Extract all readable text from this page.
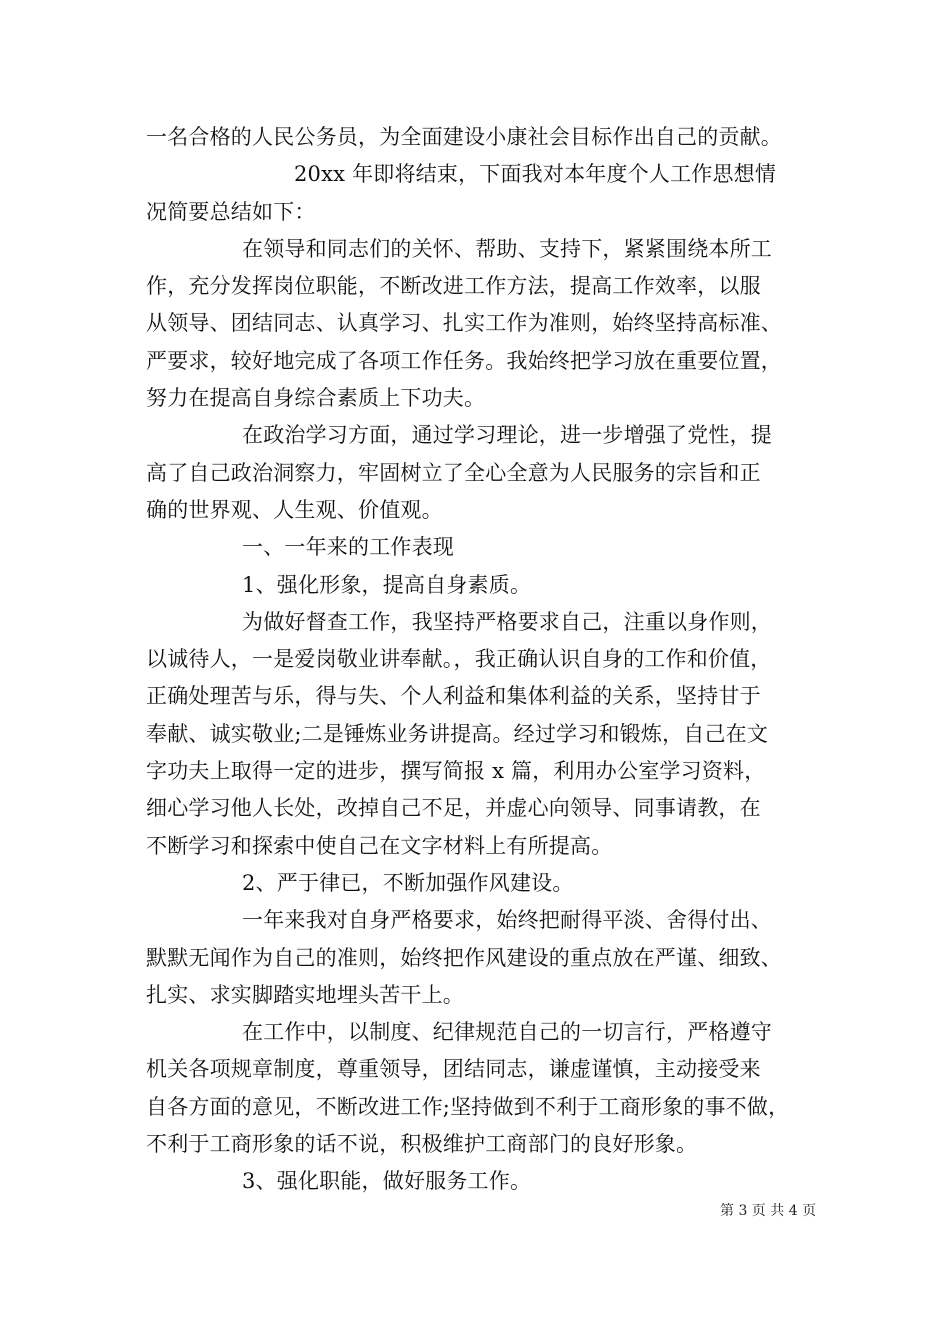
一名合格的人民公务员，为全面建设小康社会目标作出自己的贡献。
20xx 年即将结束，下面我对本年度个人工作思想情
况简要总结如下：
在领导和同志们的关怀、帮助、支持下，紧紧围绕本所工
作，充分发挥岗位职能，不断改进工作方法，提高工作效率，以服
从领导、团结同志、认真学习、扎实工作为准则，始终坚持高标准、
严要求，较好地完成了各项工作任务。我始终把学习放在重要位置，
努力在提高自身综合素质上下功夫。
在政治学习方面，通过学习理论，进一步增强了党性，提
高了自己政治洞察力，牢固树立了全心全意为人民服务的宗旨和正
确的世界观、人生观、价值观。
一、一年来的工作表现
1、强化形象，提高自身素质。
为做好督查工作，我坚持严格要求自己，注重以身作则，
以诚待人，一是爱岗敬业讲奉献。，我正确认识自身的工作和价值，
正确处理苦与乐，得与失、个人利益和集体利益的关系，坚持甘于
奉献、诚实敬业;二是锤炼业务讲提高。经过学习和锻炼，自己在文
字功夫上取得一定的进步，撰写简报 x 篇，利用办公室学习资料，
细心学习他人长处，改掉自己不足，并虚心向领导、同事请教，在
不断学习和探索中使自己在文字材料上有所提高。
2、严于律已，不断加强作风建设。
一年来我对自身严格要求，始终把耐得平淡、舍得付出、
默默无闻作为自己的准则，始终把作风建设的重点放在严谨、细致、
扎实、求实脚踏实地埋头苦干上。
在工作中，以制度、纪律规范自己的一切言行，严格遵守
机关各项规章制度，尊重领导，团结同志，谦虚谨慎，主动接受来
自各方面的意见，不断改进工作;坚持做到不利于工商形象的事不做，
不利于工商形象的话不说，积极维护工商部门的良好形象。
3、强化职能，做好服务工作。
第 3 页 共 4 页
